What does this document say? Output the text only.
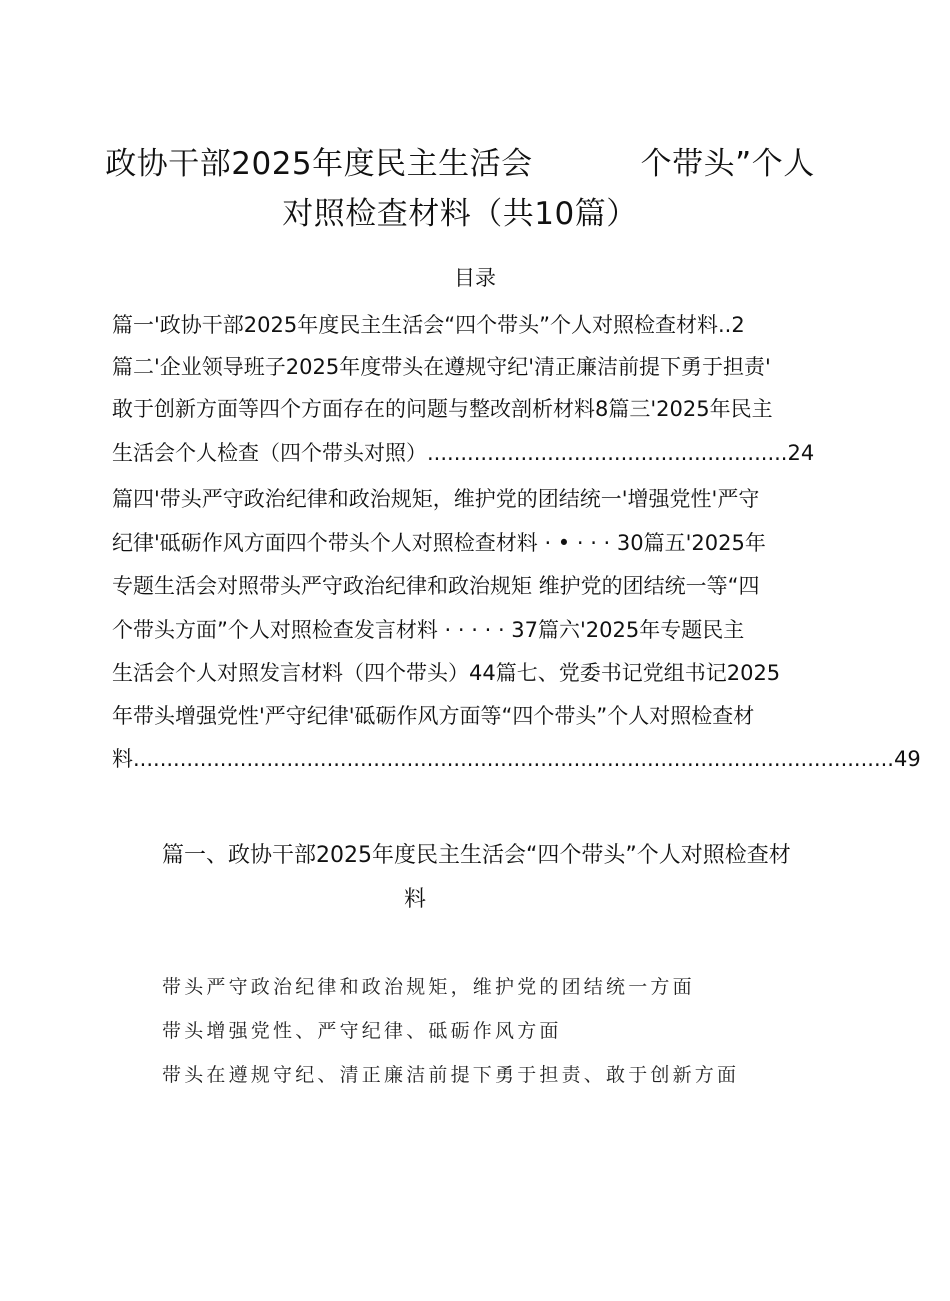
政协干部2025年度民主生活会	个带头”个人
对照检查材料（共10篇）
目录
篇一'政协干部2025年度民主生活会“四个带头”个人对照检查材料..2
篇二'企业领导班子2025年度带头在遵规守纪'清正廉洁前提下勇于担责'
敢于创新方面等四个方面存在的问题与整改剖析材料8篇三'2025年民主
生活会个人检查（四个带头对照）......................................................24
篇四'带头严守政治纪律和政治规矩，维护党的团结统一'增强党性'严守
纪律'砥砺作风方面四个带头个人对照检查材料 · • · · · 30篇五'2025年
专题生活会对照带头严守政治纪律和政治规矩 维护党的团结统一等“四
个带头方面”个人对照检查发言材料 · · · · · 37篇六'2025年专题民主
生活会个人对照发言材料（四个带头）44篇七、党委书记党组书记2025
年带头增强党性'严守纪律'砥砺作风方面等“四个带头”个人对照检查材
料..................................................................................................................49
篇一、政协干部2025年度民主生活会“四个带头”个人对照检查材
料
带头严守政治纪律和政治规矩，维护党的团结统一方面
带头增强党性、严守纪律、砥砺作风方面
带头在遵规守纪、清正廉洁前提下勇于担责、敢于创新方面
